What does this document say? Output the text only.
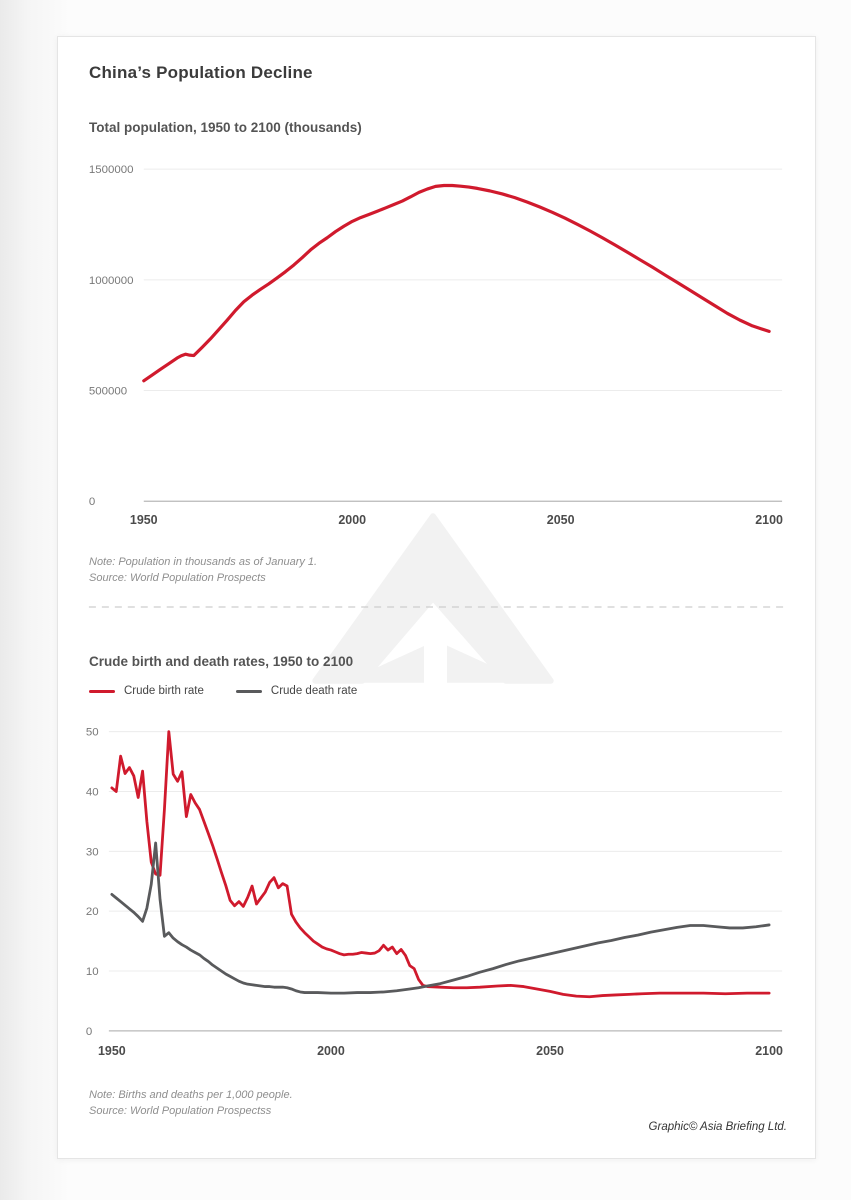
1500000
1000000
500000
0
1950	2000	2050	2100
50
40
30
20
10
0
1950	2000	2050	2100
China’s Population Decline
Total population, 1950 to 2100 (thousands)
Note: Population in thousands as of January 1.
Source: World Population Prospects
Crude birth and death rates, 1950 to 2100
Crude birth rate	Crude death rate
Note: Births and deaths per 1,000 people.
Source: World Population Prospectss
Graphic© Asia Briefing Ltd.
